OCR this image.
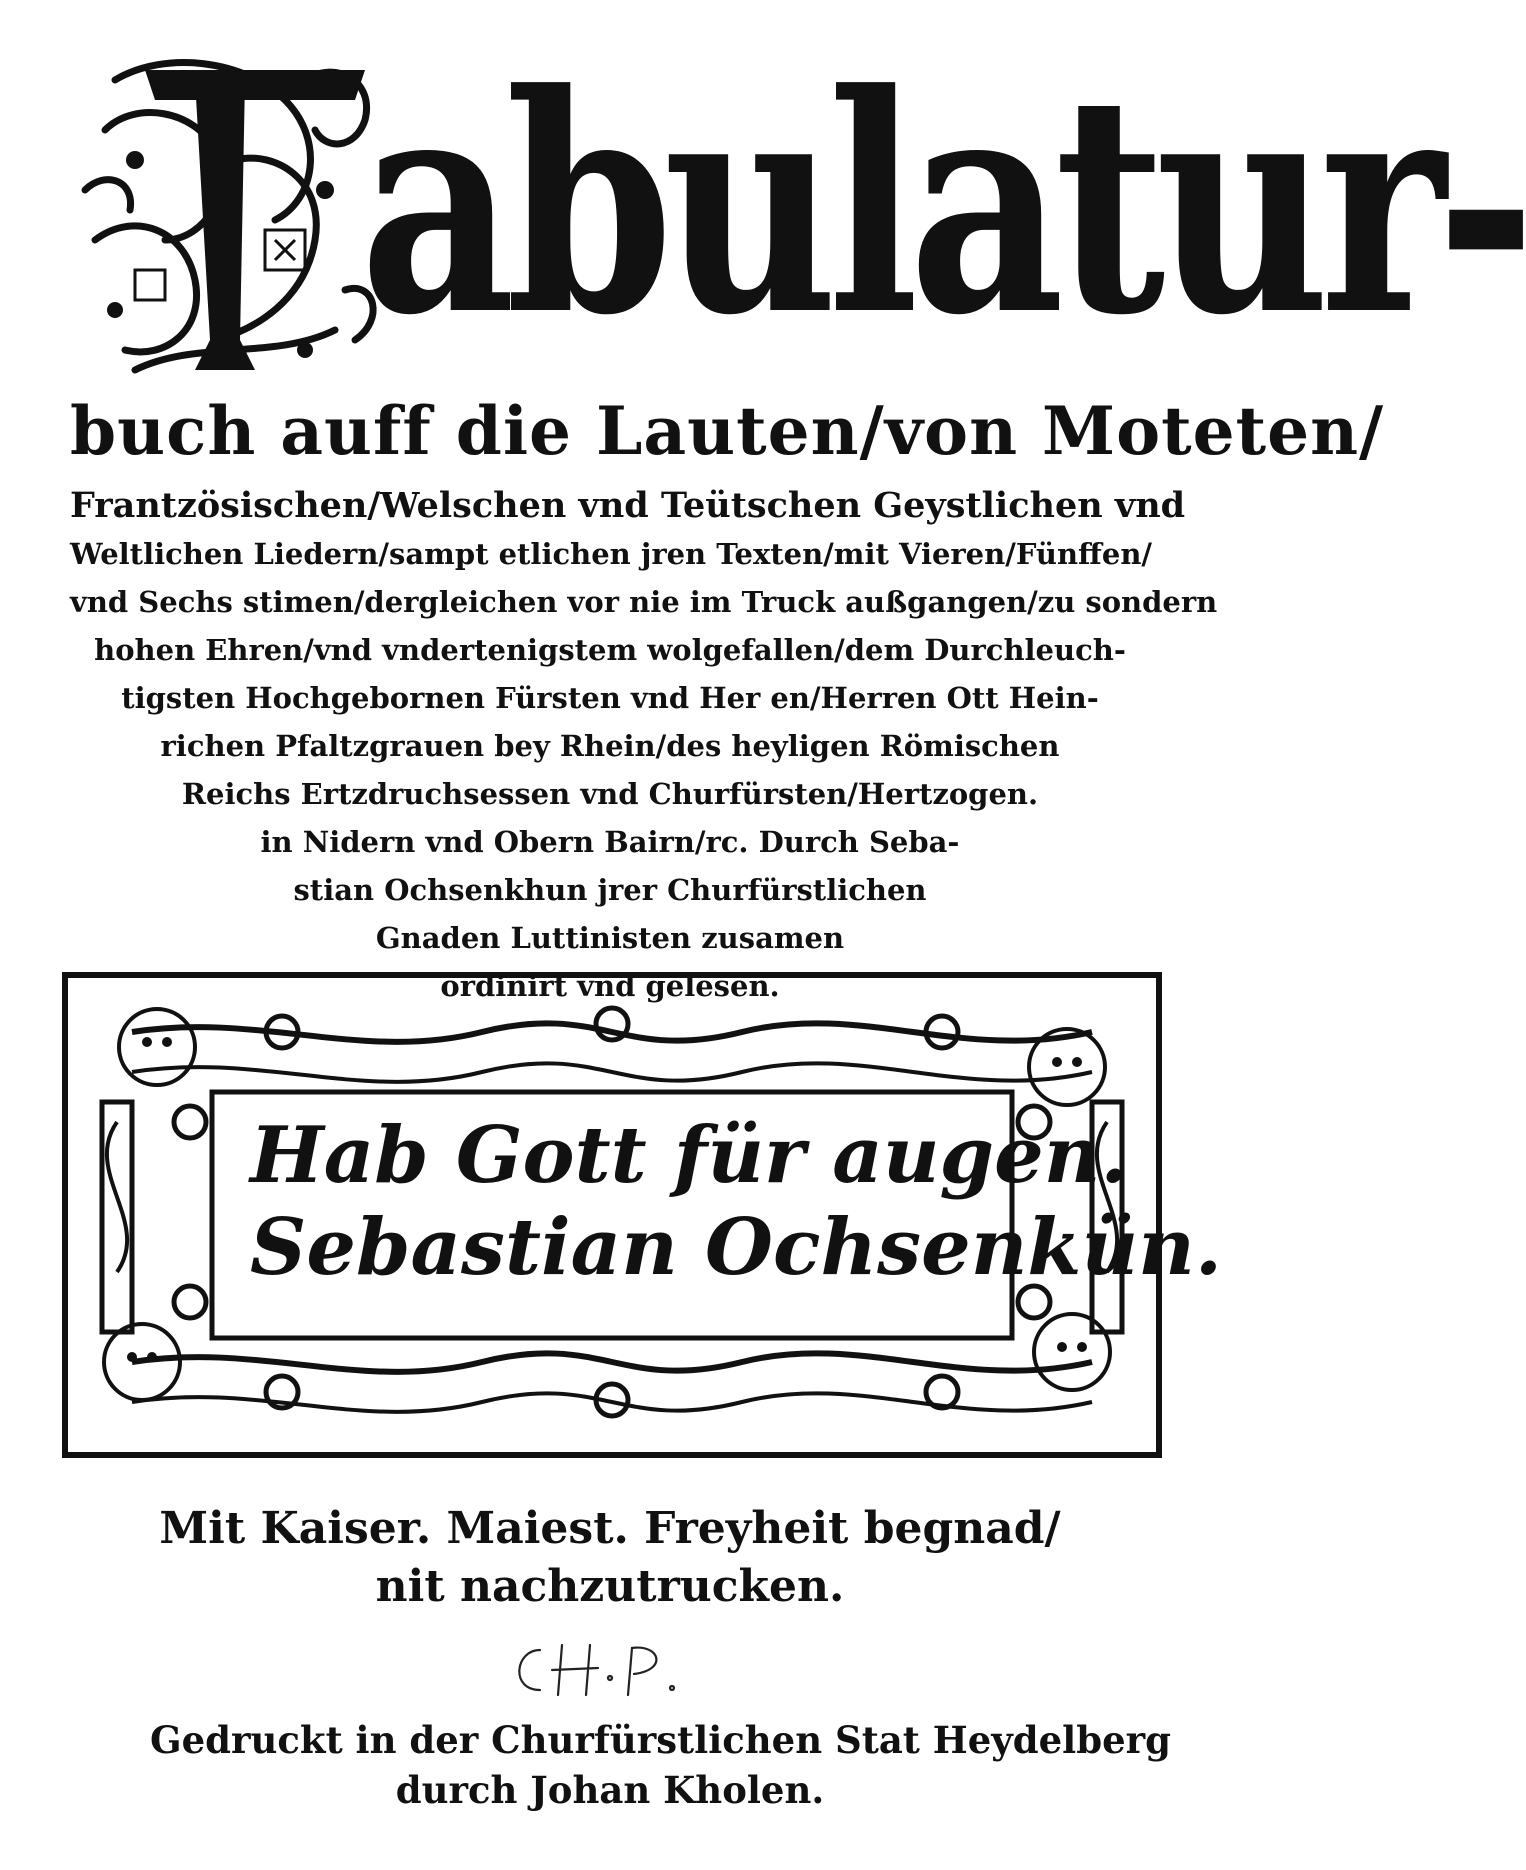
abulatur-
buch auff die Lauten/von Moteten/
Frantzösischen/Welschen vnd Teütschen Geystlichen vnd
Weltlichen Liedern/sampt etlichen jren Texten/mit Vieren/Fünffen/
vnd Sechs stimen/dergleichen vor nie im Truck außgangen/zu sondern
hohen Ehren/vnd vndertenigstem wolgefallen/dem Durchleuch-
tigsten Hochgebornen Fürsten vnd Her en/Herren Ott Hein-
richen Pfaltzgrauen bey Rhein/des heyligen Römischen
Reichs Ertzdruchsessen vnd Churfürsten/Hertzogen.
in Nidern vnd Obern Bairn/rc. Durch Seba-
stian Ochsenkhun jrer Churfürstlichen
Gnaden Luttinisten zusamen
ordinirt vnd gelesen.
Hab Gott für augen.
Sebastian Ochsenkün.
Mit Kaiser. Maiest. Freyheit begnad/
nit nachzutrucken.
Gedruckt in der Churfürstlichen Stat Heydelberg
durch Johan Kholen.
